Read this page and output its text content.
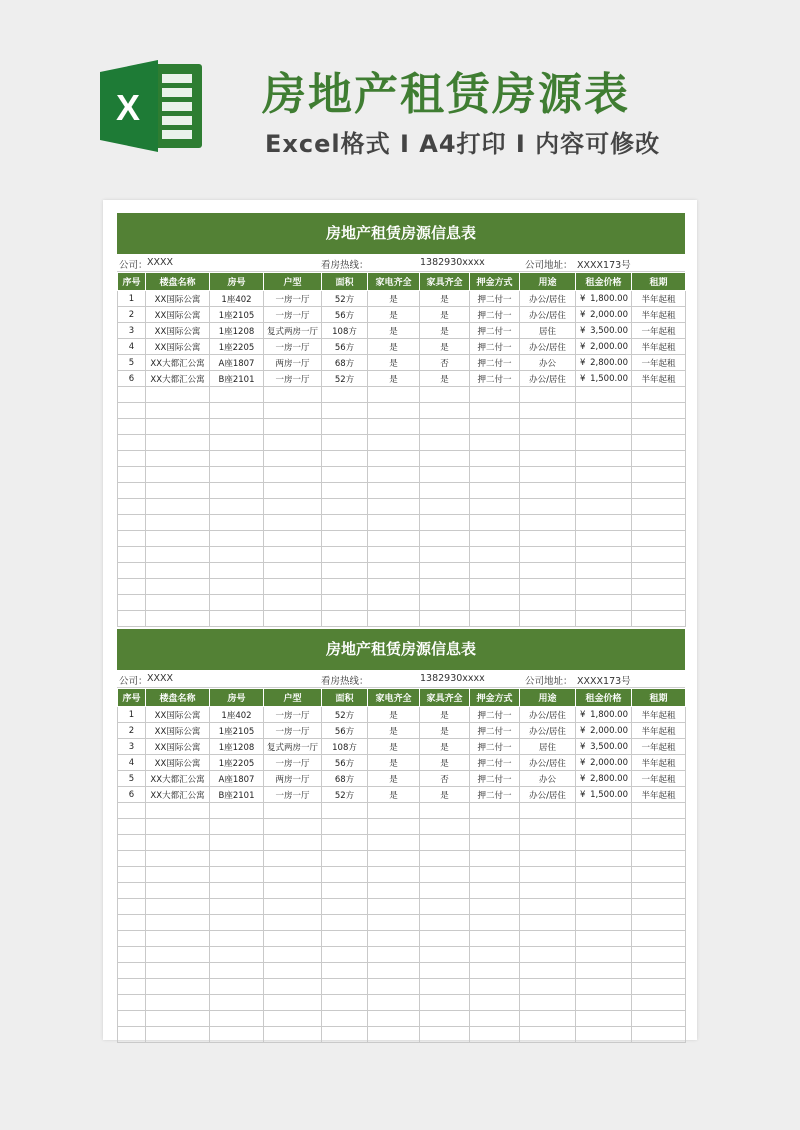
X	房地产租赁房源表
Excel格式 I A4打印 I 内容可修改
房地产租赁房源信息表
公司： XXXX	看房热线：	1382930xxxx	公司地址： XXXX173号
序号	楼盘名称	房号	户型	面积	家电齐全	家具齐全	押金方式	用途	租金价格	租期
1	XX国际公寓	1座402	一房一厅	52方	是	是	押二付一	办公/居住	¥ 1,800.00	半年起租
2	XX国际公寓	1座2105	一房一厅	56方	是	是	押二付一	办公/居住	¥ 2,000.00	半年起租
3	XX国际公寓	1座1208	复式两房一厅	108方	是	是	押二付一	居住	¥ 3,500.00	一年起租
4	XX国际公寓	1座2205	一房一厅	56方	是	是	押二付一	办公/居住	¥ 2,000.00	半年起租
5	XX大都汇公寓	A座1807	两房一厅	68方	是	否	押二付一	办公	¥ 2,800.00	一年起租
6	XX大都汇公寓	B座2101	一房一厅	52方	是	是	押二付一	办公/居住	¥ 1,500.00	半年起租

房地产租赁房源信息表
公司： XXXX	看房热线：	1382930xxxx	公司地址： XXXX173号
序号	楼盘名称	房号	户型	面积	家电齐全	家具齐全	押金方式	用途	租金价格	租期
1	XX国际公寓	1座402	一房一厅	52方	是	是	押二付一	办公/居住	¥ 1,800.00	半年起租
2	XX国际公寓	1座2105	一房一厅	56方	是	是	押二付一	办公/居住	¥ 2,000.00	半年起租
3	XX国际公寓	1座1208	复式两房一厅	108方	是	是	押二付一	居住	¥ 3,500.00	一年起租
4	XX国际公寓	1座2205	一房一厅	56方	是	是	押二付一	办公/居住	¥ 2,000.00	半年起租
5	XX大都汇公寓	A座1807	两房一厅	68方	是	否	押二付一	办公	¥ 2,800.00	一年起租
6	XX大都汇公寓	B座2101	一房一厅	52方	是	是	押二付一	办公/居住	¥ 1,500.00	半年起租
